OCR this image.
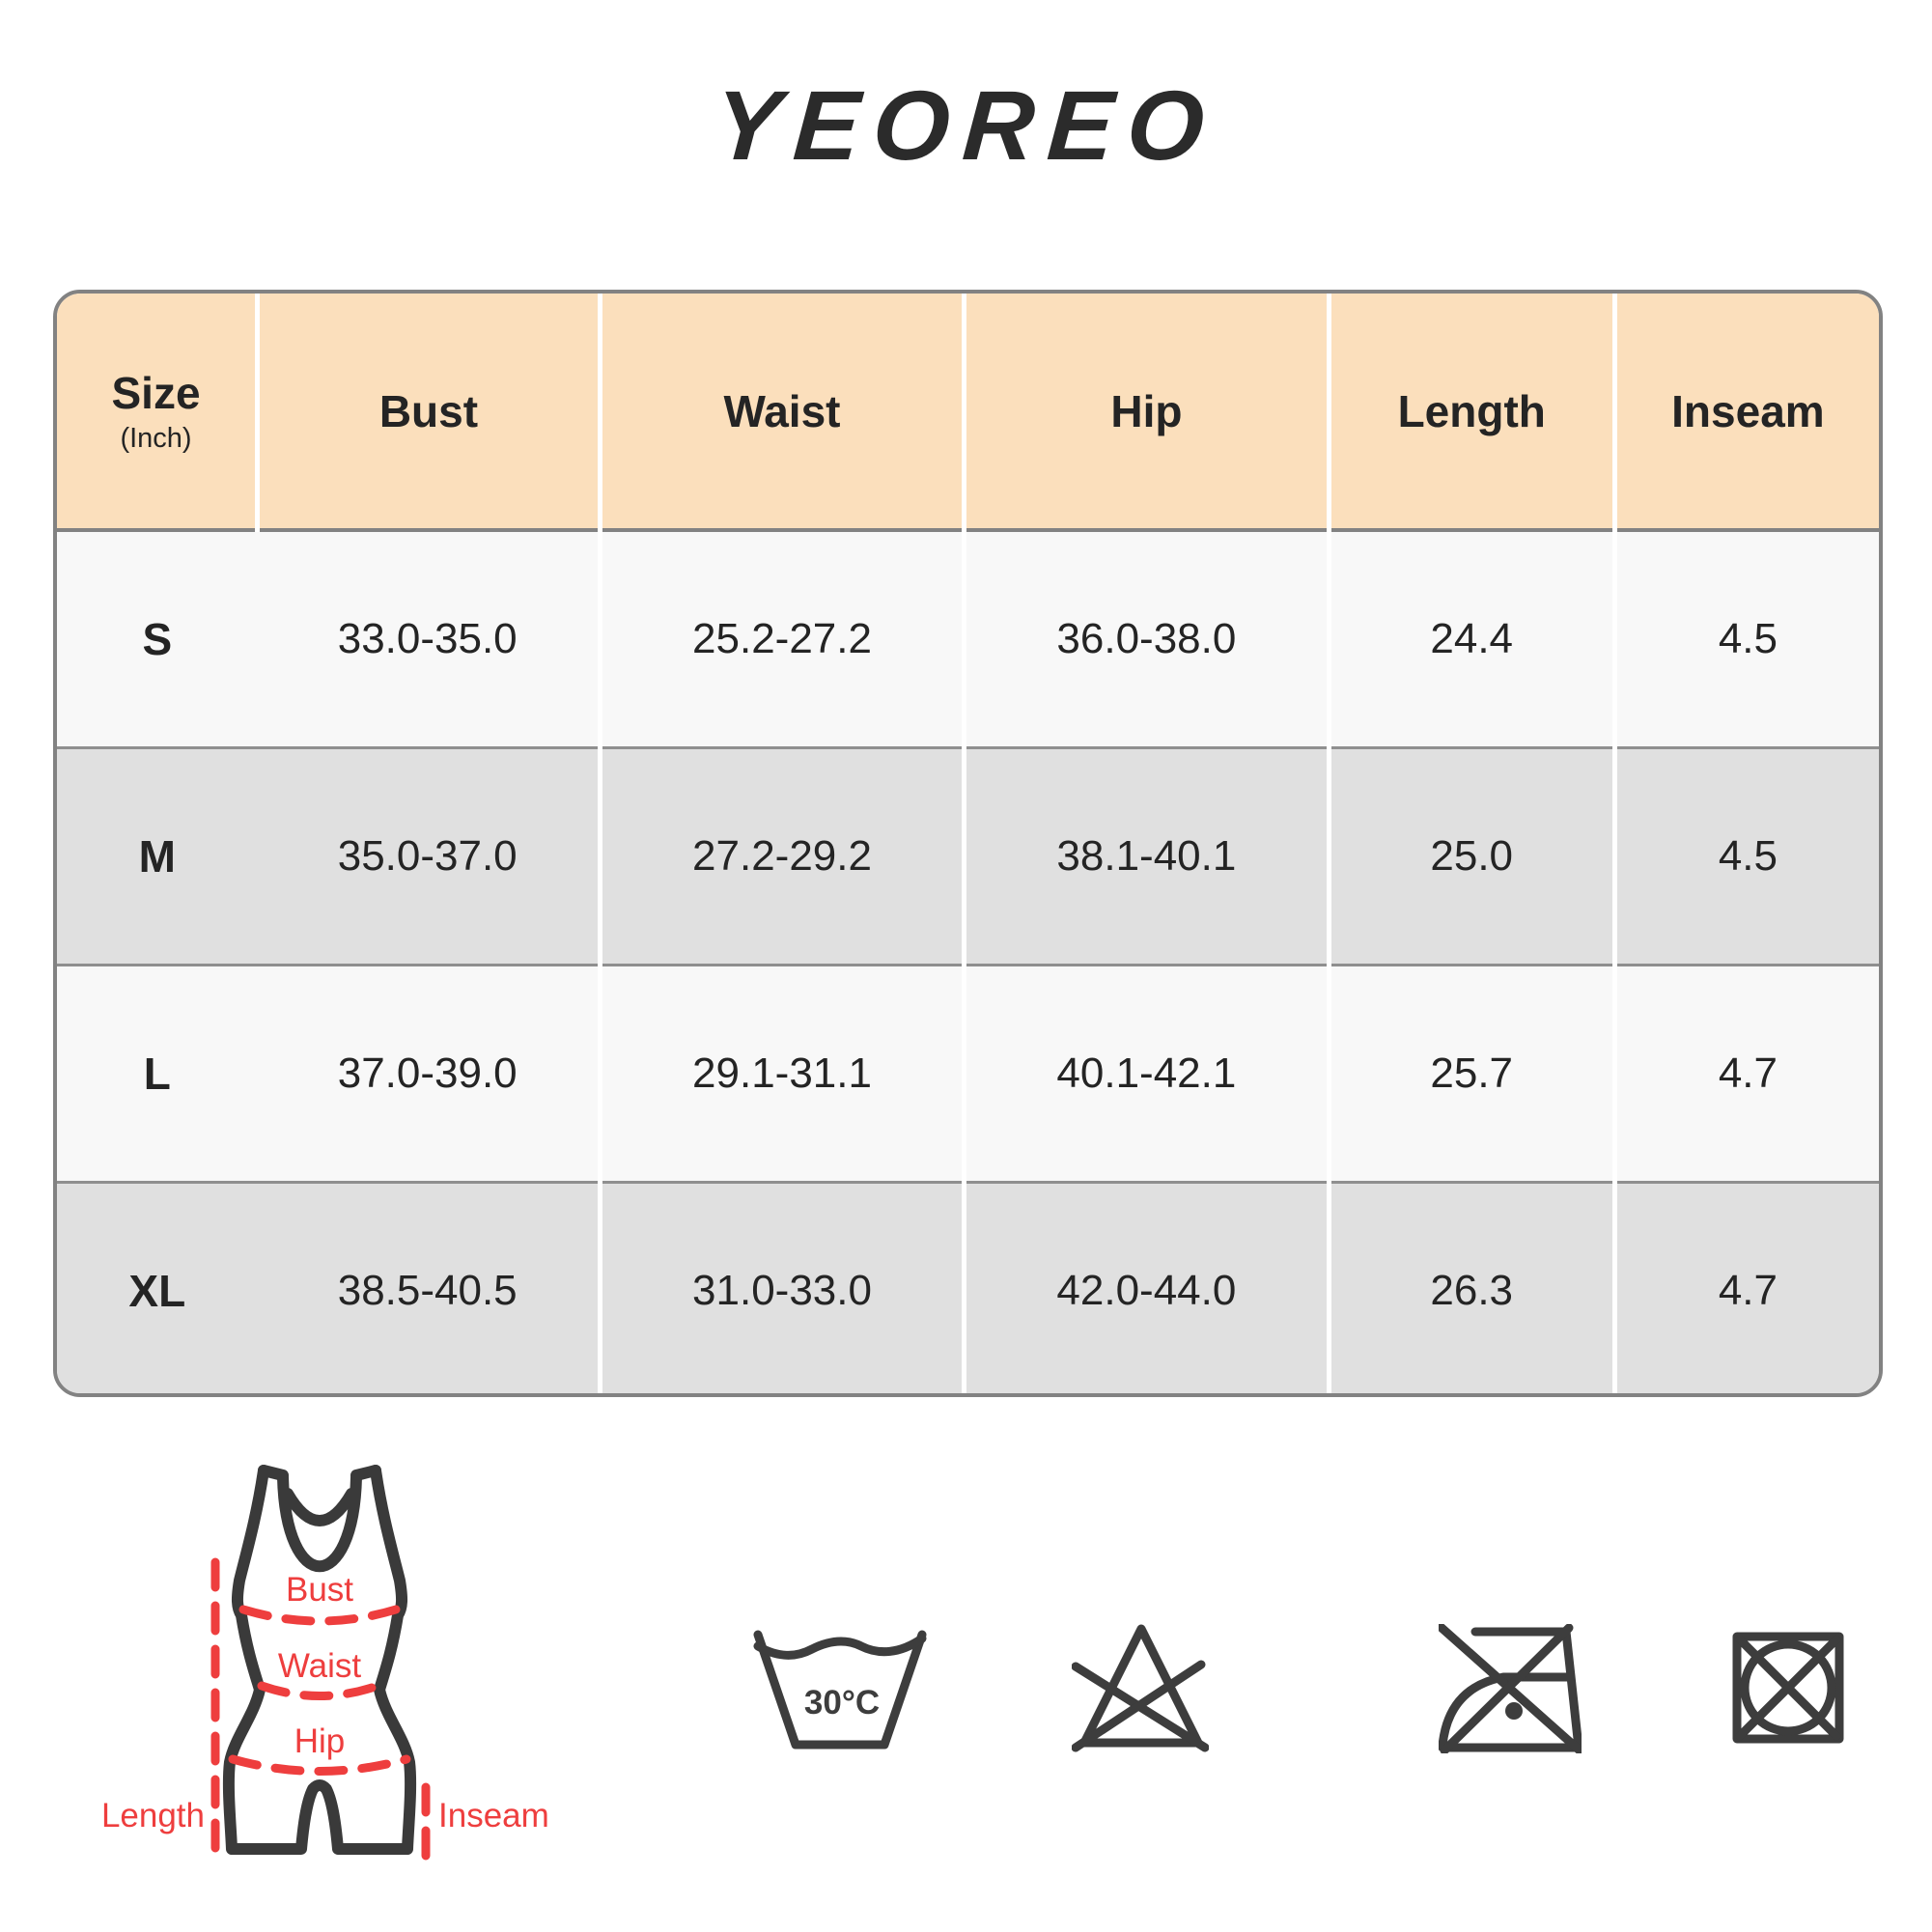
YEOREO
Size
(Inch)	Bust	Waist	Hip	Length	Inseam
S	33.0-35.0	25.2-27.2	36.0-38.0	24.4	4.5
M	35.0-37.0	27.2-29.2	38.1-40.1	25.0	4.5
L	37.0-39.0	29.1-31.1	40.1-42.1	25.7	4.7
XL	38.5-40.5	31.0-33.0	42.0-44.0	26.3	4.7
Bust
Waist
Hip
Length	Inseam
30°C
